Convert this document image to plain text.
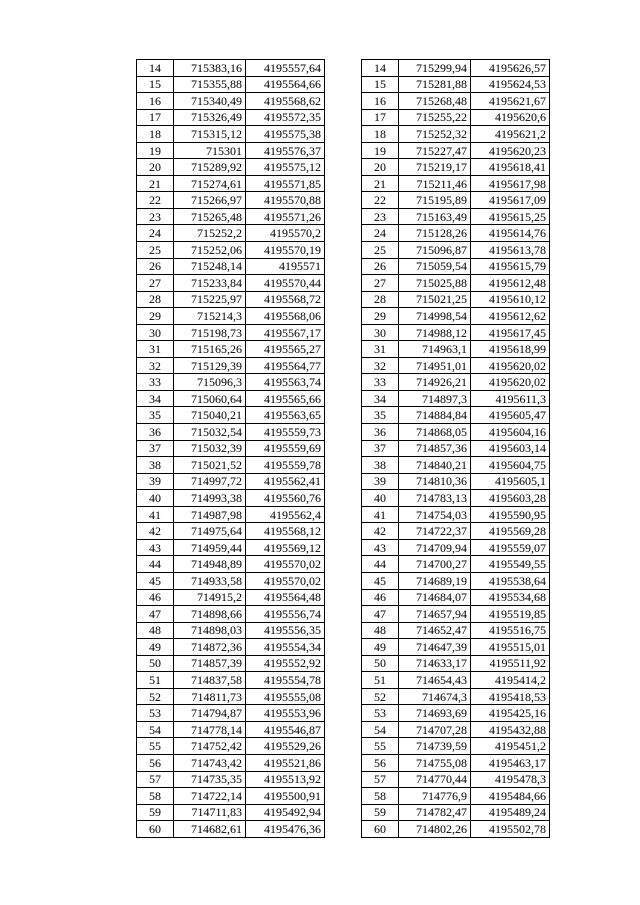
14	715383,16	4195557,64
15	715355,88	4195564,66
16	715340,49	4195568,62
17	715326,49	4195572,35
18	715315,12	4195575,38
19	715301	4195576,37
20	715289,92	4195575,12
21	715274,61	4195571,85
22	715266,97	4195570,88
23	715265,48	4195571,26
24	715252,2	4195570,2
25	715252,06	4195570,19
26	715248,14	4195571
27	715233,84	4195570,44
28	715225,97	4195568,72
29	715214,3	4195568,06
30	715198,73	4195567,17
31	715165,26	4195565,27
32	715129,39	4195564,77
33	715096,3	4195563,74
34	715060,64	4195565,66
35	715040,21	4195563,65
36	715032,54	4195559,73
37	715032,39	4195559,69
38	715021,52	4195559,78
39	714997,72	4195562,41
40	714993,38	4195560,76
41	714987,98	4195562,4
42	714975,64	4195568,12
43	714959,44	4195569,12
44	714948,89	4195570,02
45	714933,58	4195570,02
46	714915,2	4195564,48
47	714898,66	4195556,74
48	714898,03	4195556,35
49	714872,36	4195554,34
50	714857,39	4195552,92
51	714837,58	4195554,78
52	714811,73	4195555,08
53	714794,87	4195553,96
54	714778,14	4195546,87
55	714752,42	4195529,26
56	714743,42	4195521,86
57	714735,35	4195513,92
58	714722,14	4195500,91
59	714711,83	4195492,94
60	714682,61	4195476,36
14	715299,94	4195626,57
15	715281,88	4195624,53
16	715268,48	4195621,67
17	715255,22	4195620,6
18	715252,32	4195621,2
19	715227,47	4195620,23
20	715219,17	4195618,41
21	715211,46	4195617,98
22	715195,89	4195617,09
23	715163,49	4195615,25
24	715128,26	4195614,76
25	715096,87	4195613,78
26	715059,54	4195615,79
27	715025,88	4195612,48
28	715021,25	4195610,12
29	714998,54	4195612,62
30	714988,12	4195617,45
31	714963,1	4195618,99
32	714951,01	4195620,02
33	714926,21	4195620,02
34	714897,3	4195611,3
35	714884,84	4195605,47
36	714868,05	4195604,16
37	714857,36	4195603,14
38	714840,21	4195604,75
39	714810,36	4195605,1
40	714783,13	4195603,28
41	714754,03	4195590,95
42	714722,37	4195569,28
43	714709,94	4195559,07
44	714700,27	4195549,55
45	714689,19	4195538,64
46	714684,07	4195534,68
47	714657,94	4195519,85
48	714652,47	4195516,75
49	714647,39	4195515,01
50	714633,17	4195511,92
51	714654,43	4195414,2
52	714674,3	4195418,53
53	714693,69	4195425,16
54	714707,28	4195432,88
55	714739,59	4195451,2
56	714755,08	4195463,17
57	714770,44	4195478,3
58	714776,9	4195484,66
59	714782,47	4195489,24
60	714802,26	4195502,78
